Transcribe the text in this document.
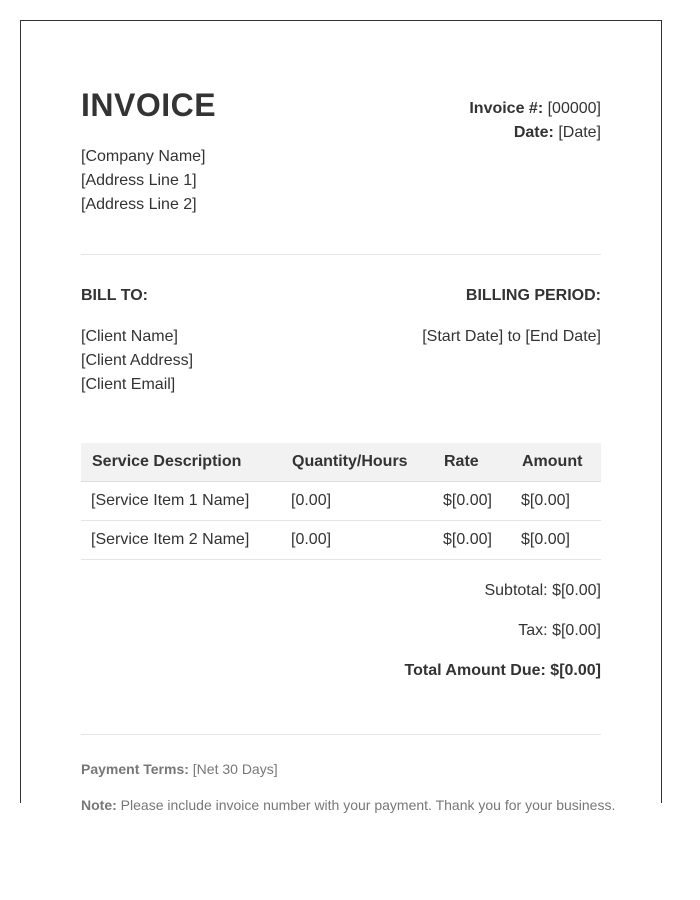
INVOICE	Invoice #: [00000]
Date: [Date]
[Company Name]
[Address Line 1]
[Address Line 2]
BILL TO:	BILLING PERIOD:
[Client Name]
[Client Address]
[Client Email]
[Start Date] to [End Date]
Service Description	Quantity/Hours	Rate	Amount
[Service Item 1 Name]	[0.00]	$[0.00]	$[0.00]
[Service Item 2 Name]	[0.00]	$[0.00]	$[0.00]
Subtotal: $[0.00]
Tax: $[0.00]
Total Amount Due: $[0.00]
Payment Terms: [Net 30 Days]
Note: Please include invoice number with your payment. Thank you for your business.
